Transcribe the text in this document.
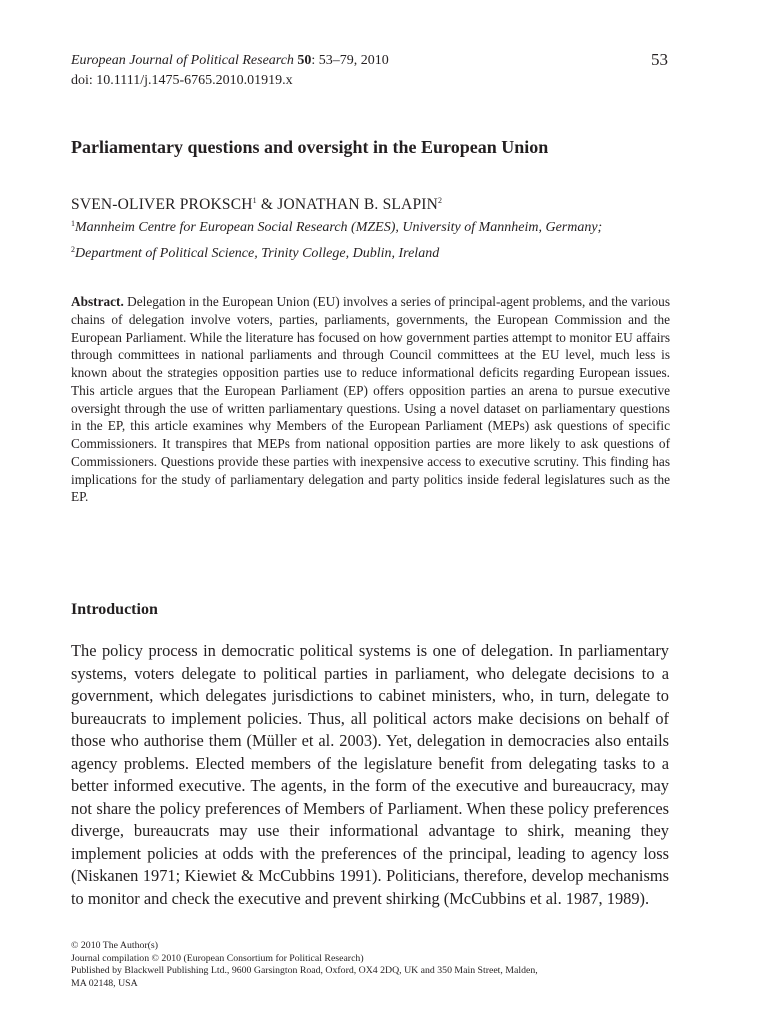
European Journal of Political Research 50: 53–79, 2010
doi: 10.1111/j.1475-6765.2010.01919.x
53
Parliamentary questions and oversight in the European Union
SVEN-OLIVER PROKSCH$^1$ & JONATHAN B. SLAPIN$^2$
$^1$Mannheim Centre for European Social Research (MZES), University of Mannheim, Germany; $^2$Department of Political Science, Trinity College, Dublin, Ireland

Abstract. Delegation in the European Union (EU) involves a series of principal-agent problems, and the various chains of delegation involve voters, parties, parliaments, governments, the European Commission and the European Parliament. While the literature has focused on how government parties attempt to monitor EU affairs through committees in national parliaments and through Council committees at the EU level, much less is known about the strategies opposition parties use to reduce informational deficits regarding European issues. This article argues that the European Parliament (EP) offers opposition parties an arena to pursue executive oversight through the use of written parliamentary questions. Using a novel dataset on parliamentary questions in the EP, this article examines why Members of the European Parliament (MEPs) ask questions of specific Commissioners. It transpires that MEPs from national opposition parties are more likely to ask questions of Commissioners. Questions provide these parties with inexpensive access to executive scrutiny. This finding has implications for the study of parliamentary delegation and party politics inside federal legislatures such as the EP.

Introduction

The policy process in democratic political systems is one of delegation. In parliamentary systems, voters delegate to political parties in parliament, who delegate decisions to a government, which delegates jurisdictions to cabinet ministers, who, in turn, delegate to bureaucrats to implement policies. Thus, all political actors make decisions on behalf of those who authorise them (Müller et al. 2003). Yet, delegation in democracies also entails agency problems. Elected members of the legislature benefit from delegating tasks to a better informed executive. The agents, in the form of the executive and bureaucracy, may not share the policy preferences of Members of Parliament. When these policy preferences diverge, bureaucrats may use their informational advantage to shirk, meaning they implement policies at odds with the preferences of the principal, leading to agency loss (Niskanen 1971; Kiewiet & McCubbins 1991). Politicians, therefore, develop mechanisms to monitor and check the executive and prevent shirking (McCubbins et al. 1987, 1989).

© 2010 The Author(s)
Journal compilation © 2010 (European Consortium for Political Research)
Published by Blackwell Publishing Ltd., 9600 Garsington Road, Oxford, OX4 2DQ, UK and 350 Main Street, Malden,
MA 02148, USA
